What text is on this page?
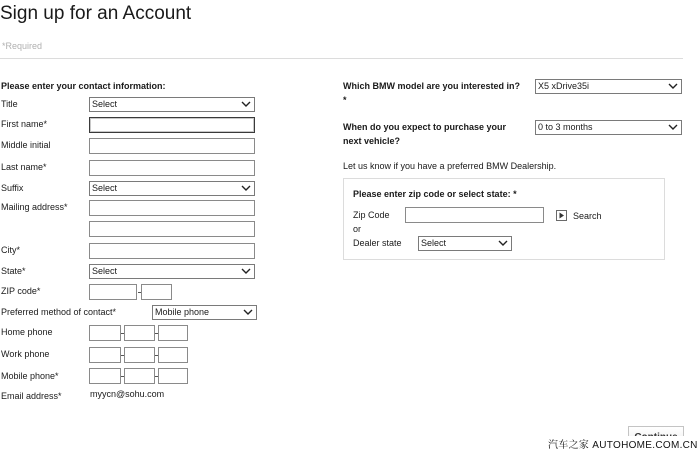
Sign up for an Account
*Required
Please enter your contact information:
Title	Select
First name*
Middle initial
Last name*
Suffix	Select
Mailing address*
City*
State*	Select
ZIP code*
Preferred method of contact*	Mobile phone
Home phone
Work phone
Mobile phone*
Email address*	myycn@sohu.com
Which BMW model are you interested in?*
X5 xDrive35i
When do you expect to purchase your next vehicle?
0 to 3 months
Let us know if you have a preferred BMW Dealership.
Please enter zip code or select state: *
Zip Code	Search
or
Dealer state	Select
汽车之家 AUTOHOME.COM.CN
